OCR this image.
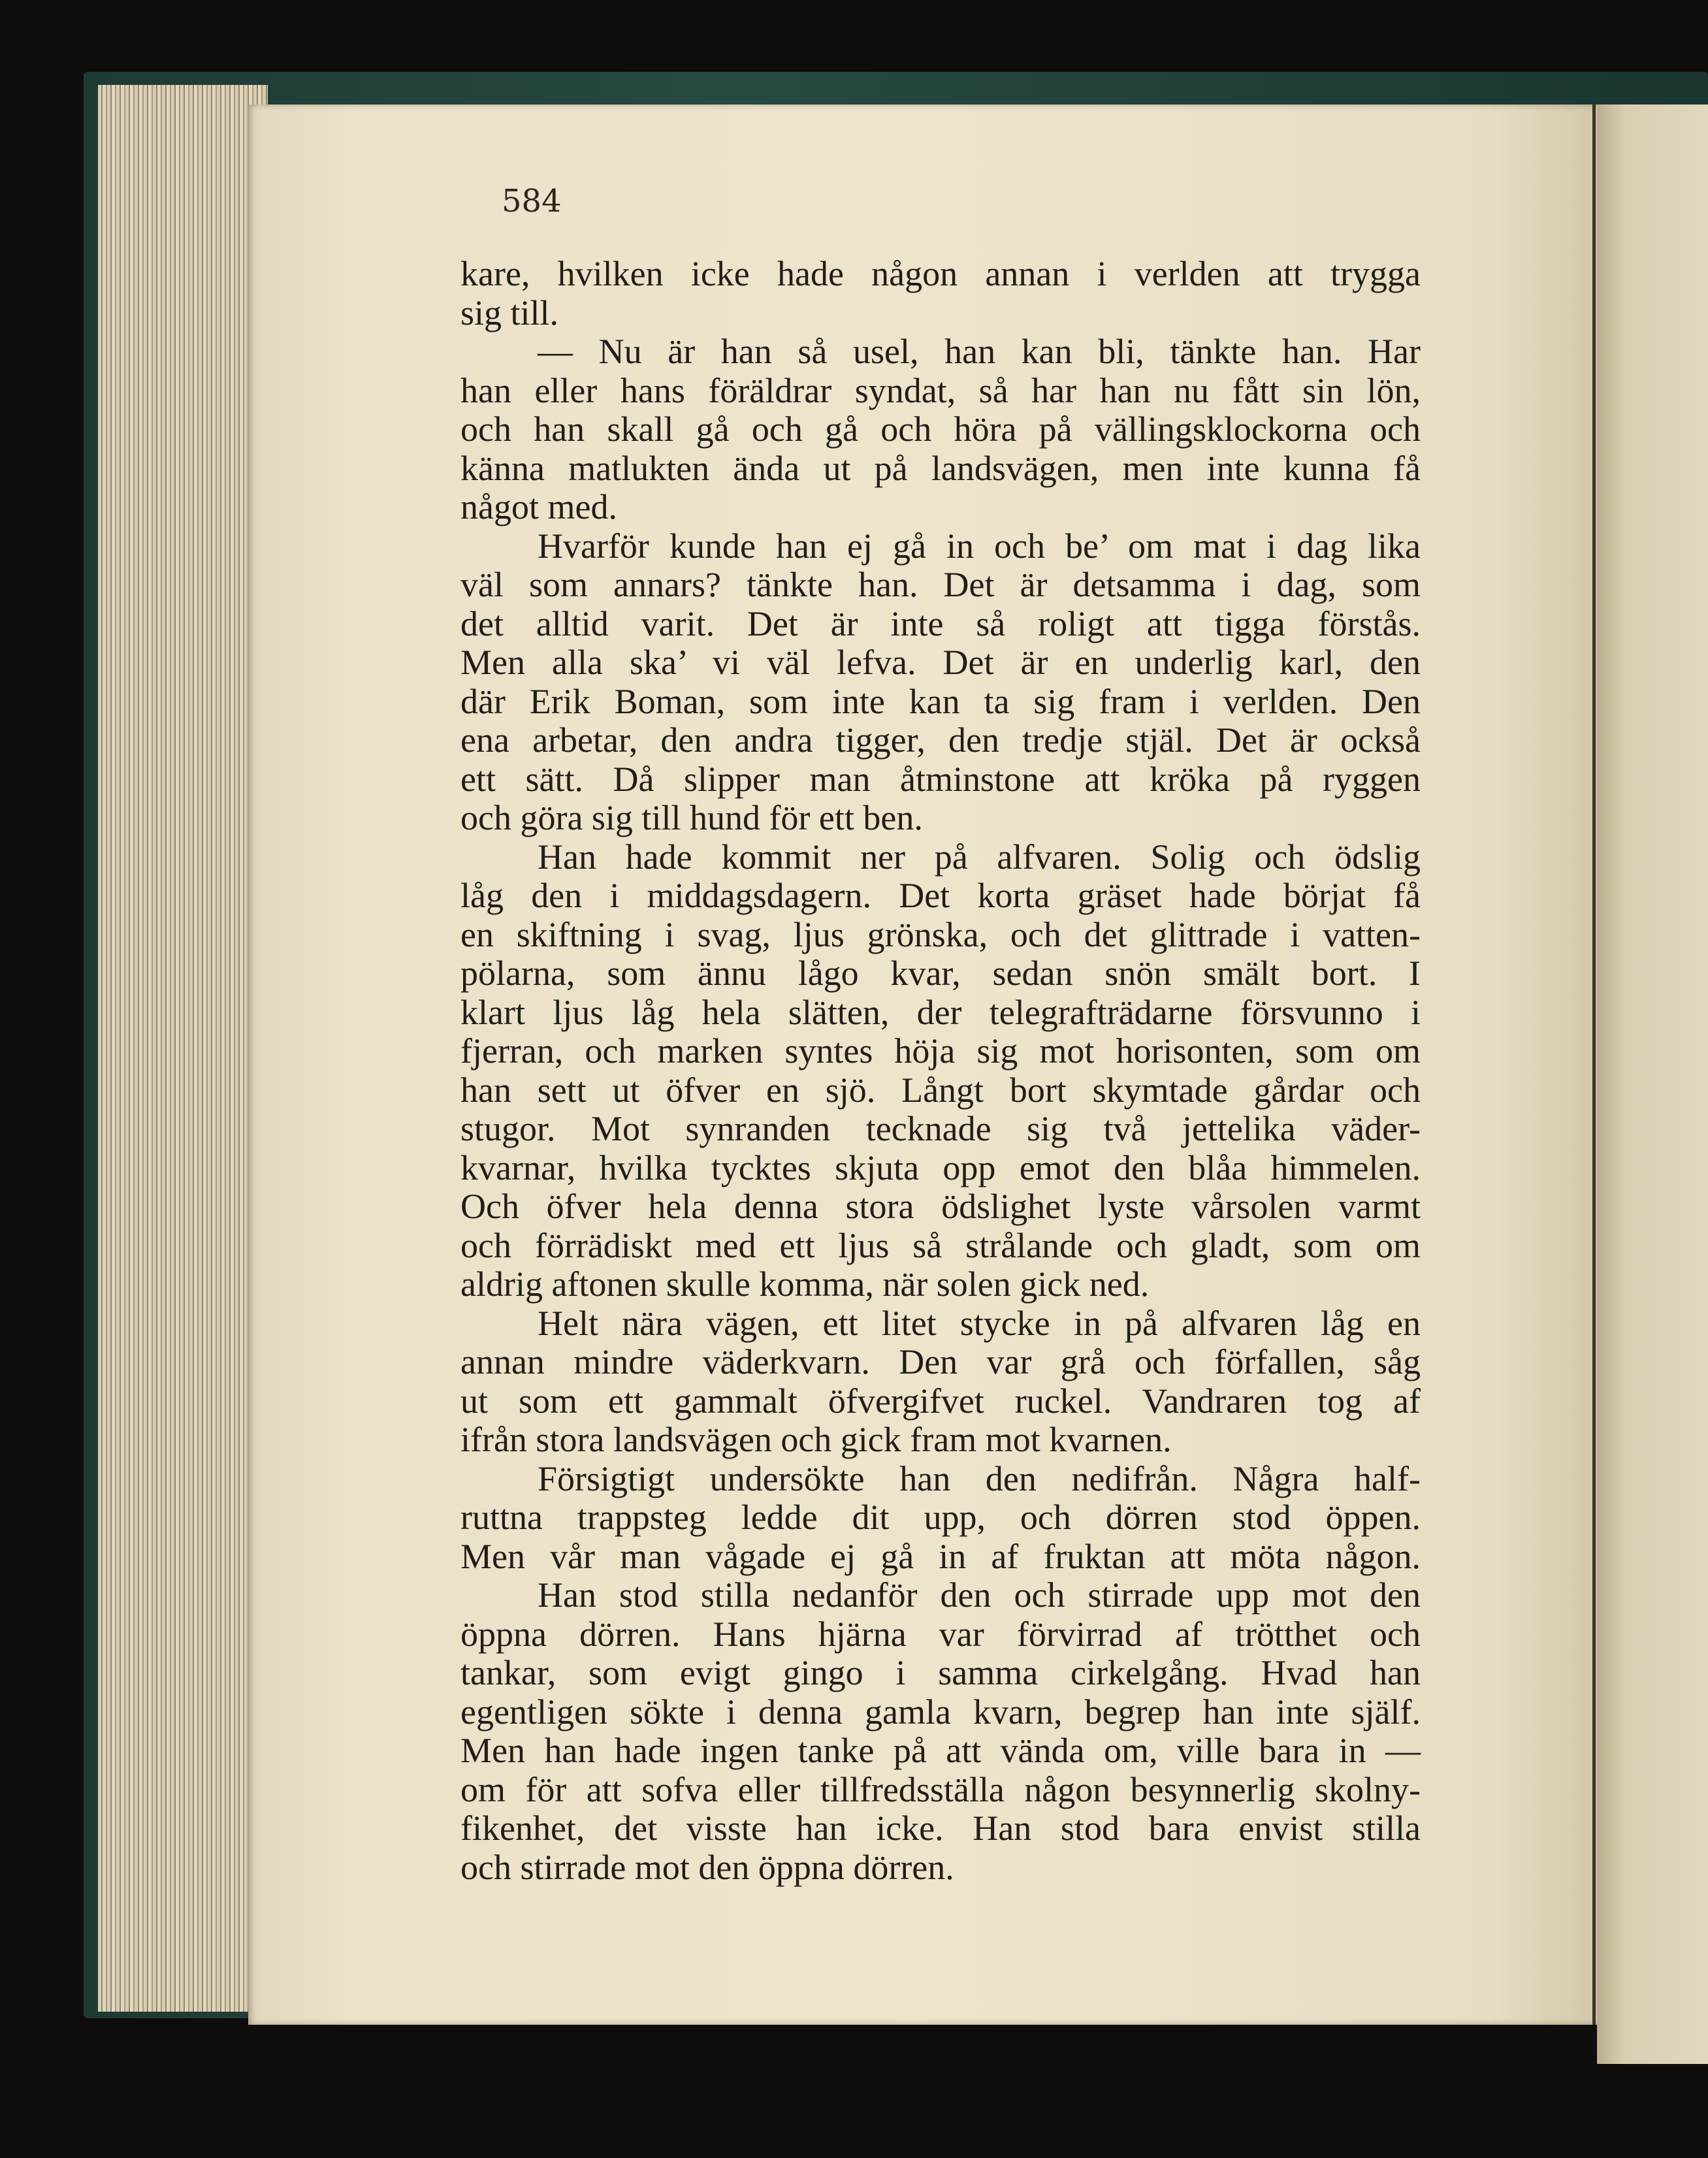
584
kare, hvilken icke hade någon annan i verlden att trygga
sig till.
— Nu är han så usel, han kan bli, tänkte han. Har
han eller hans föräldrar syndat, så har han nu fått sin lön,
och han skall gå och gå och höra på vällingsklockorna och
känna matlukten ända ut på landsvägen, men inte kunna få
något med.
Hvarför kunde han ej gå in och be’ om mat i dag lika
väl som annars? tänkte han. Det är detsamma i dag, som
det alltid varit. Det är inte så roligt att tigga förstås.
Men alla ska’ vi väl lefva. Det är en underlig karl, den
där Erik Boman, som inte kan ta sig fram i verlden. Den
ena arbetar, den andra tigger, den tredje stjäl. Det är också
ett sätt. Då slipper man åtminstone att kröka på ryggen
och göra sig till hund för ett ben.
Han hade kommit ner på alfvaren. Solig och ödslig
låg den i middagsdagern. Det korta gräset hade börjat få
en skiftning i svag, ljus grönska, och det glittrade i vatten-
pölarna, som ännu lågo kvar, sedan snön smält bort. I
klart ljus låg hela slätten, der telegrafträdarne försvunno i
fjerran, och marken syntes höja sig mot horisonten, som om
han sett ut öfver en sjö. Långt bort skymtade gårdar och
stugor. Mot synranden tecknade sig två jettelika väder-
kvarnar, hvilka tycktes skjuta opp emot den blåa himmelen.
Och öfver hela denna stora ödslighet lyste vårsolen varmt
och förrädiskt med ett ljus så strålande och gladt, som om
aldrig aftonen skulle komma, när solen gick ned.
Helt nära vägen, ett litet stycke in på alfvaren låg en
annan mindre väderkvarn. Den var grå och förfallen, såg
ut som ett gammalt öfvergifvet ruckel. Vandraren tog af
ifrån stora landsvägen och gick fram mot kvarnen.
Försigtigt undersökte han den nedifrån. Några half-
ruttna trappsteg ledde dit upp, och dörren stod öppen.
Men vår man vågade ej gå in af fruktan att möta någon.
Han stod stilla nedanför den och stirrade upp mot den
öppna dörren. Hans hjärna var förvirrad af trötthet och
tankar, som evigt gingo i samma cirkelgång. Hvad han
egentligen sökte i denna gamla kvarn, begrep han inte själf.
Men han hade ingen tanke på att vända om, ville bara in —
om för att sofva eller tillfredsställa någon besynnerlig skolny-
fikenhet, det visste han icke. Han stod bara envist stilla
och stirrade mot den öppna dörren.
